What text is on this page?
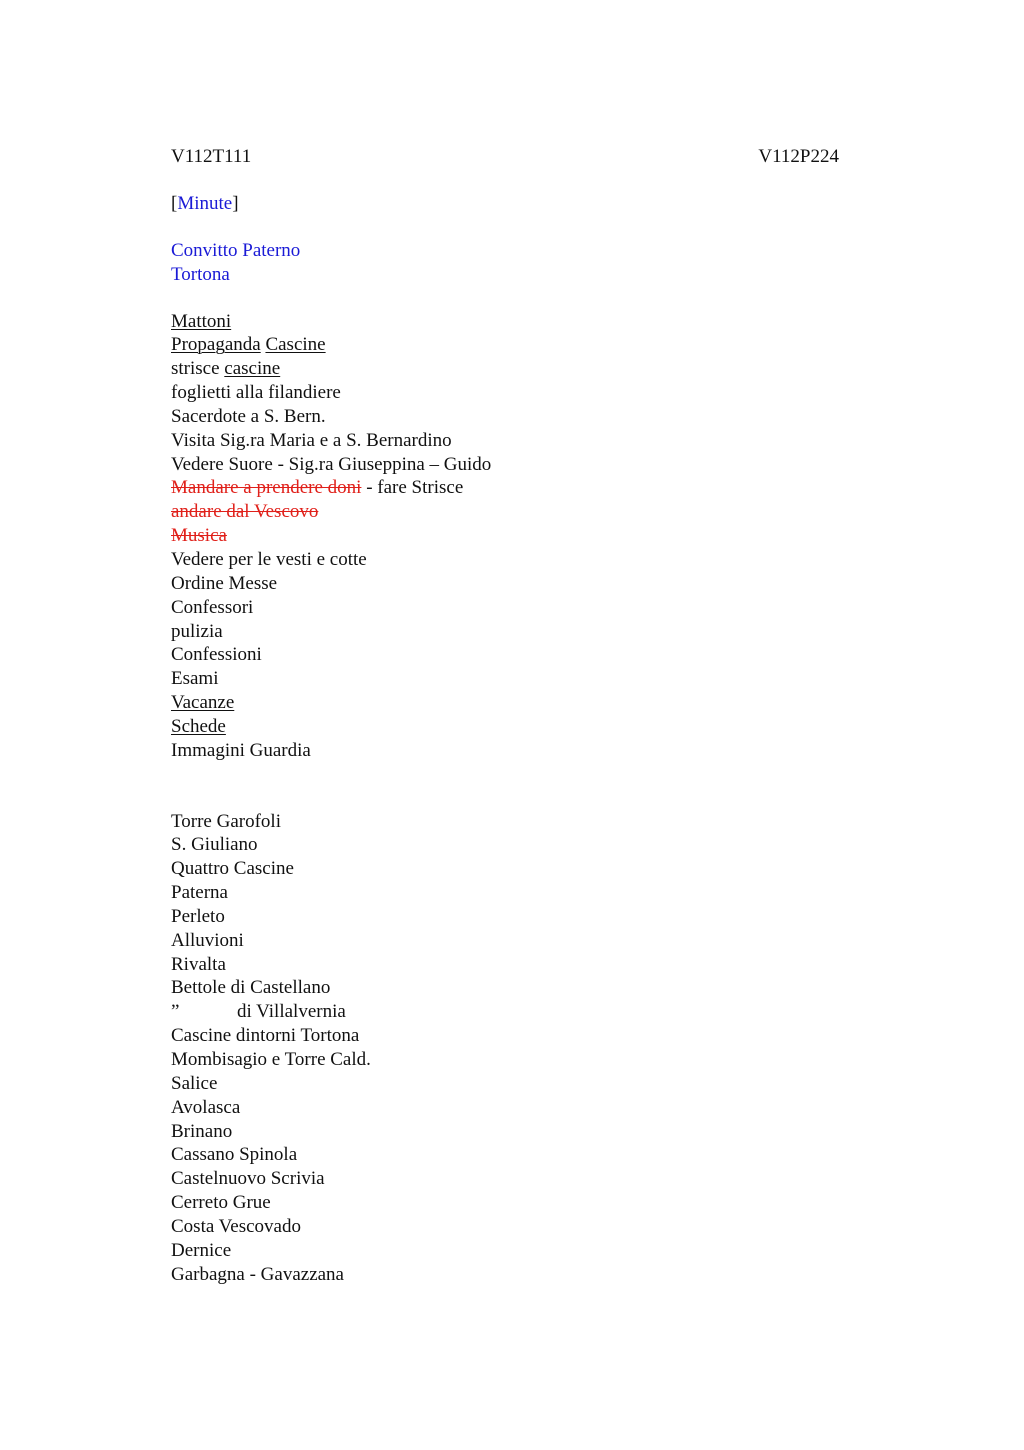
V112T111	V112P224
[Minute]
Convitto Paterno
Tortona
Mattoni
Propaganda Cascine
strisce cascine
foglietti alla filandiere
Sacerdote a S. Bern.
Visita Sig.ra Maria e a S. Bernardino
Vedere Suore - Sig.ra Giuseppina – Guido
Mandare a prendere doni - fare Strisce
andare dal Vescovo
Musica
Vedere per le vesti e cotte
Ordine Messe
Confessori
pulizia
Confessioni
Esami
Vacanze
Schede
Immagini Guardia
Torre Garofoli
S. Giuliano
Quattro Cascine
Paterna
Perleto
Alluvioni
Rivalta
Bettole di Castellano
”	di Villalvernia
Cascine dintorni Tortona
Mombisagio e Torre Cald.
Salice
Avolasca
Brinano
Cassano Spinola
Castelnuovo Scrivia
Cerreto Grue
Costa Vescovado
Dernice
Garbagna - Gavazzana
